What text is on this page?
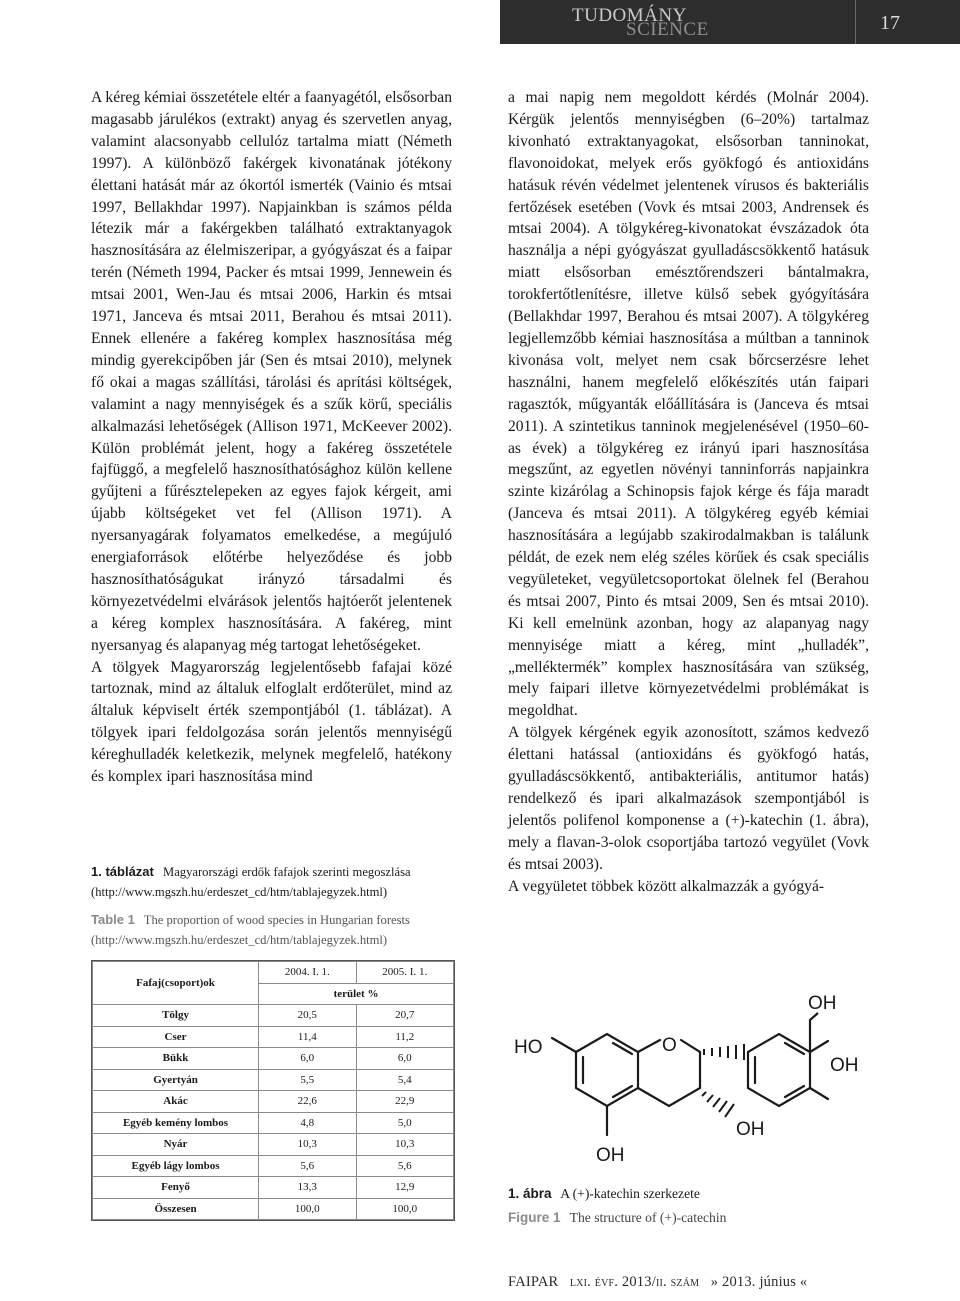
TUDOMÁNY
SCIENCE	17

A kéreg kémiai összetétele eltér a faanyagétól, elsősorban magasabb járulékos (extrakt) anyag és szervetlen anyag, valamint alacsonyabb cellulóz tartalma miatt (Németh 1997). A különböző fakérgek kivonatának jótékony élettani hatását már az ókortól ismerték (Vainio és mtsai 1997, Bellakhdar 1997). Napjainkban is számos példa létezik már a fakérgekben található extraktanyagok hasznosítására az élelmiszeripar, a gyógyászat és a faipar terén (Németh 1994, Packer és mtsai 1999, Jennewein és mtsai 2001, Wen-Jau és mtsai 2006, Harkin és mtsai 1971, Janceva és mtsai 2011, Berahou és mtsai 2011). Ennek ellenére a fakéreg komplex hasznosítása még mindig gyerekcipőben jár (Sen és mtsai 2010), melynek fő okai a magas szállítási, tárolási és aprítási költségek, valamint a nagy mennyiségek és a szűk körű, speciális alkalmazási lehetőségek (Allison 1971, McKeever 2002). Külön problémát jelent, hogy a fakéreg összetétele fajfüggő, a megfelelő hasznosíthatósághoz külön kellene gyűjteni a fűrésztelepeken az egyes fajok kérgeit, ami újabb költségeket vet fel (Allison 1971). A nyersanyagárak folyamatos emelkedése, a megújuló energiaforrások előtérbe helyeződése és jobb hasznosíthatóságukat irányzó társadalmi és környezetvédelmi elvárások jelentős hajtóerőt jelentenek a kéreg komplex hasznosítására. A fakéreg, mint nyersanyag és alapanyag még tartogat lehetőségeket.

A tölgyek Magyarország legjelentősebb fafajai közé tartoznak, mind az általuk elfoglalt erdőterület, mind az általuk képviselt érték szempontjából (1. táblázat). A tölgyek ipari feldolgozása során jelentős mennyiségű kéreghulladék keletkezik, melynek megfelelő, hatékony és komplex ipari hasznosítása mind

1. táblázat Magyarországi erdők fafajok szerinti megoszlása (http://www.mgszh.hu/erdeszet_cd/htm/tablajegyzek.html)
Table 1 The proportion of wood species in Hungarian forests (http://www.mgszh.hu/erdeszet_cd/htm/tablajegyzek.html)
Fafaj(csoport)ok	2004. I. 1.	2005. I. 1.
	terület %	
Tölgy	20,5	20,7
Cser	11,4	11,2
Bükk	6,0	6,0
Gyertyán	5,5	5,4
Akác	22,6	22,9
Egyéb kemény lombos	4,8	5,0
Nyár	10,3	10,3
Egyéb lágy lombos	5,6	5,6
Fenyő	13,3	12,9
Összesen	100,0	100,0

a mai napig nem megoldott kérdés (Molnár 2004). Kérgük jelentős mennyiségben (6–20%) tartalmaz kivonható extraktanyagokat, elsősorban tanninokat, flavonoidokat, melyek erős gyökfogó és antioxidáns hatásuk révén védelmet jelentenek vírusos és bakteriális fertőzések esetében (Vovk és mtsai 2003, Andrensek és mtsai 2004). A tölgykéreg-kivonatokat évszázadok óta használja a népi gyógyászat gyulladáscsökkentő hatásuk miatt elsősorban emésztőrendszeri bántalmakra, torokfertőtlenítésre, illetve külső sebek gyógyítására (Bellakhdar 1997, Berahou és mtsai 2007). A tölgykéreg legjellemzőbb kémiai hasznosítása a múltban a tanninok kivonása volt, melyet nem csak bőrcserzésre lehet használni, hanem megfelelő előkészítés után faipari ragasztók, műgyanták előállítására is (Janceva és mtsai 2011). A szintetikus tanninok megjelenésével (1950–60-as évek) a tölgykéreg ez irányú ipari hasznosítása megszűnt, az egyetlen növényi tanninforrás napjainkra szinte kizárólag a Schinopsis fajok kérge és fája maradt (Janceva és mtsai 2011). A tölgykéreg egyéb kémiai hasznosítására a legújabb szakirodalmakban is találunk példát, de ezek nem elég széles körűek és csak speciális vegyületeket, vegyületcsoportokat ölelnek fel (Berahou és mtsai 2007, Pinto és mtsai 2009, Sen és mtsai 2010). Ki kell emelnünk azonban, hogy az alapanyag nagy mennyisége miatt a kéreg, mint „hulladék”, „melléktermék” komplex hasznosítására van szükség, mely faipari illetve környezetvédelmi problémákat is megoldhat.

A tölgyek kérgének egyik azonosított, számos kedvező élettani hatással (antioxidáns és gyökfogó hatás, gyulladáscsökkentő, antibakteriális, antitumor hatás) rendelkező és ipari alkalmazások szempontjából is jelentős polifenol komponense a (+)-katechin (1. ábra), mely a flavan-3-olok csoportjába tartozó vegyület (Vovk és mtsai 2003).

A vegyületet többek között alkalmazzák a gyógyá-

OH
HO	O
OH
OH
OH
1. ábra A (+)-katechin szerkezete
Figure 1 The structure of (+)-catechin
FAIPAR lxi. évf. 2013/ii. szám » 2013. június «
